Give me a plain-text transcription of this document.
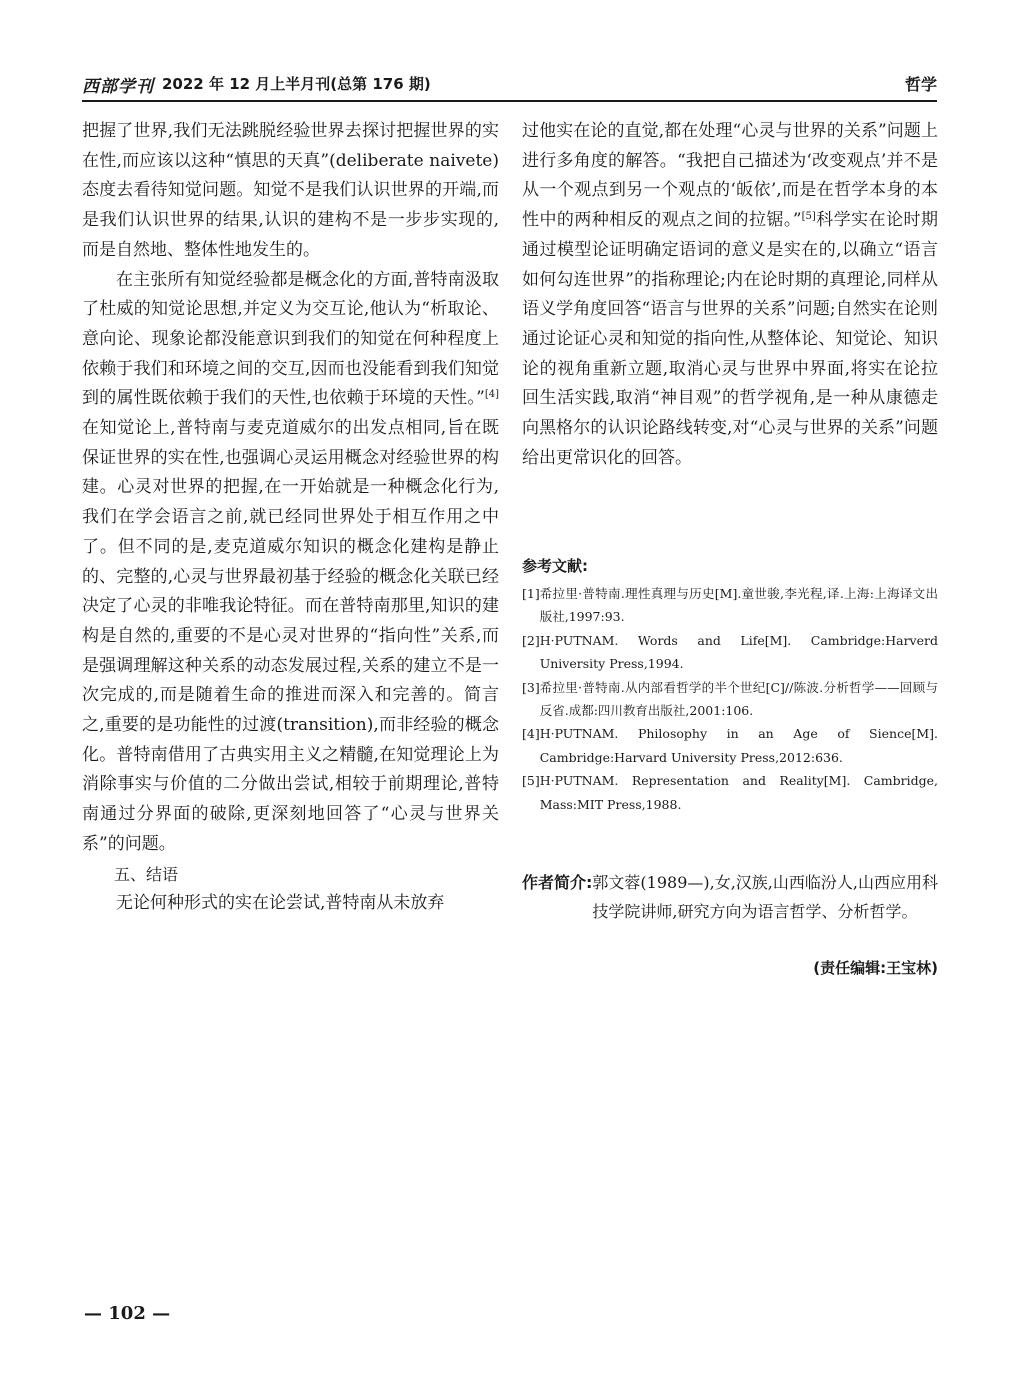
西部学刊 2022 年 12 月上半月刊(总第 176 期)	哲学

把握了世界,我们无法跳脱经验世界去探讨把握世界的实在性,而应该以这种“慎思的天真”(deliberate naivete)态度去看待知觉问题。知觉不是我们认识世界的开端,而是我们认识世界的结果,认识的建构不是一步步实现的,而是自然地、整体性地发生的。

在主张所有知觉经验都是概念化的方面,普特南汲取了杜威的知觉论思想,并定义为交互论,他认为“析取论、意向论、现象论都没能意识到我们的知觉在何种程度上依赖于我们和环境之间的交互,因而也没能看到我们知觉到的属性既依赖于我们的天性,也依赖于环境的天性。”[4]在知觉论上,普特南与麦克道威尔的出发点相同,旨在既保证世界的实在性,也强调心灵运用概念对经验世界的构建。心灵对世界的把握,在一开始就是一种概念化行为,我们在学会语言之前,就已经同世界处于相互作用之中了。但不同的是,麦克道威尔知识的概念化建构是静止的、完整的,心灵与世界最初基于经验的概念化关联已经决定了心灵的非唯我论特征。而在普特南那里,知识的建构是自然的,重要的不是心灵对世界的“指向性”关系,而是强调理解这种关系的动态发展过程,关系的建立不是一次完成的,而是随着生命的推进而深入和完善的。简言之,重要的是功能性的过渡(transition),而非经验的概念化。普特南借用了古典实用主义之精髓,在知觉理论上为消除事实与价值的二分做出尝试,相较于前期理论,普特南通过分界面的破除,更深刻地回答了“心灵与世界关系”的问题。

五、结语

无论何种形式的实在论尝试,普特南从未放弃

过他实在论的直觉,都在处理“心灵与世界的关系”问题上进行多角度的解答。“我把自己描述为‘改变观点’并不是从一个观点到另一个观点的‘皈依’,而是在哲学本身的本性中的两种相反的观点之间的拉锯。”[5]科学实在论时期通过模型论证明确定语词的意义是实在的,以确立“语言如何勾连世界”的指称理论;内在论时期的真理论,同样从语义学角度回答“语言与世界的关系”问题;自然实在论则通过论证心灵和知觉的指向性,从整体论、知觉论、知识论的视角重新立题,取消心灵与世界中界面,将实在论拉回生活实践,取消“神目观”的哲学视角,是一种从康德走向黑格尔的认识论路线转变,对“心灵与世界的关系”问题给出更常识化的回答。

参考文献:
[1] 希拉里·普特南.理性真理与历史[M].童世骏,李光程,译.上海:上海译文出版社,1997:93.
[2] H·PUTNAM. Words and Life[M]. Cambridge:Harverd University Press,1994.
[3] 希拉里·普特南.从内部看哲学的半个世纪[C]//陈波.分析哲学——回顾与反省.成都:四川教育出版社,2001:106.
[4] H·PUTNAM. Philosophy in an Age of Sience[M]. Cambridge:Harvard University Press,2012:636.
[5] H·PUTNAM. Representation and Reality[M]. Cambridge, Mass:MIT Press,1988.
作者简介: 郭文蓉(1989—),女,汉族,山西临汾人,山西应用科技学院讲师,研究方向为语言哲学、分析哲学。
(责任编辑:王宝林)
— 102 —
